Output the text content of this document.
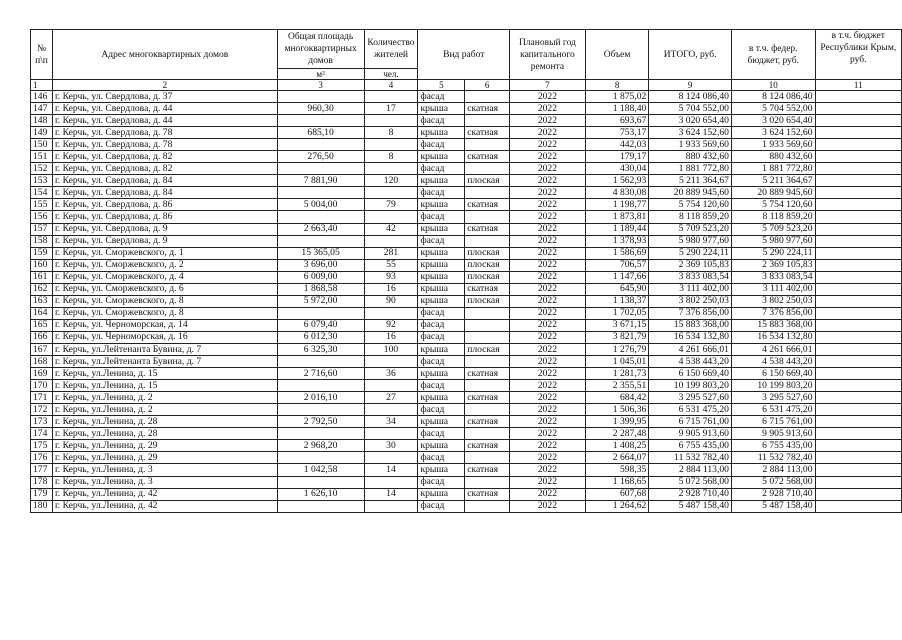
№
п\п	Адрес многоквартирных домов	Общая площадь многоквартирных домов	Количество жителей	Вид работ		Плановый год капитального ремонта	Объем	ИТОГО, руб.	в т.ч. федер. бюджет, руб.	в т.ч. бюджет Республики Крым, руб.
		м²	чел.							
1	2	3	4	5	6	7	8	9	10	11
146	г. Керчь, ул. Свердлова, д. 37			фасад		2022	1 875,02	8 124 086,40	8 124 086,40	
147	г. Керчь, ул. Свердлова, д. 44	960,30	17	крыша	скатная	2022	1 188,40	5 704 552,00	5 704 552,00	
148	г. Керчь, ул. Свердлова, д. 44			фасад		2022	693,67	3 020 654,40	3 020 654,40	
149	г. Керчь, ул. Свердлова, д. 78	685,10	8	крыша	скатная	2022	753,17	3 624 152,60	3 624 152,60	
150	г. Керчь, ул. Свердлова, д. 78			фасад		2022	442,03	1 933 569,60	1 933 569,60	
151	г. Керчь, ул. Свердлова, д. 82	276,50	8	крыша	скатная	2022	179,17	880 432,60	880 432,60	
152	г. Керчь, ул. Свердлова, д. 82			фасад		2022	430,04	1 881 772,80	1 881 772,80	
153	г. Керчь, ул. Свердлова, д. 84	7 881,90	120	крыша	плоская	2022	1 562,93	5 211 364,67	5 211 364,67	
154	г. Керчь, ул. Свердлова, д. 84			фасад		2022	4 830,08	20 889 945,60	20 889 945,60	
155	г. Керчь, ул. Свердлова, д. 86	5 004,00	79	крыша	скатная	2022	1 198,77	5 754 120,60	5 754 120,60	
156	г. Керчь, ул. Свердлова, д. 86			фасад		2022	1 873,81	8 118 859,20	8 118 859,20	
157	г. Керчь, ул. Свердлова, д. 9	2 663,40	42	крыша	скатная	2022	1 189,44	5 709 523,20	5 709 523,20	
158	г. Керчь, ул. Свердлова, д. 9			фасад		2022	1 378,93	5 980 977,60	5 980 977,60	
159	г. Керчь, ул. Сморжевского, д. 1	15 365,05	281	крыша	плоская	2022	1 586,69	5 290 224,11	5 290 224,11	
160	г. Керчь, ул. Сморжевского, д. 2	3 696,00	55	крыша	плоская	2022	706,57	2 369 105,83	2 369 105,83	
161	г. Керчь, ул. Сморжевского, д. 4	6 009,00	93	крыша	плоская	2022	1 147,66	3 833 083,54	3 833 083,54	
162	г. Керчь, ул. Сморжевского, д. 6	1 868,58	16	крыша	скатная	2022	645,90	3 111 402,00	3 111 402,00	
163	г. Керчь, ул. Сморжевского, д. 8	5 972,00	90	крыша	плоская	2022	1 138,37	3 802 250,03	3 802 250,03	
164	г. Керчь, ул. Сморжевского, д. 8			фасад		2022	1 702,05	7 376 856,00	7 376 856,00	
165	г. Керчь, ул. Черноморская, д. 14	6 079,40	92	фасад		2022	3 671,15	15 883 368,00	15 883 368,00	
166	г. Керчь, ул. Черноморская, д. 16	6 012,30	16	фасад		2022	3 821,79	16 534 132,80	16 534 132,80	
167	г. Керчь, ул.Лейтенанта Бувина, д. 7	6 325,30	100	крыша	плоская	2022	1 276,79	4 261 666,01	4 261 666,01	
168	г. Керчь, ул.Лейтенанта Бувина, д. 7			фасад		2022	1 045,01	4 538 443,20	4 538 443,20	
169	г. Керчь, ул.Ленина, д. 15	2 716,60	36	крыша	скатная	2022	1 281,73	6 150 669,40	6 150 669,40	
170	г. Керчь, ул.Ленина, д. 15			фасад		2022	2 355,51	10 199 803,20	10 199 803,20	
171	г. Керчь, ул.Ленина, д. 2	2 016,10	27	крыша	скатная	2022	684,42	3 295 527,60	3 295 527,60	
172	г. Керчь, ул.Ленина, д. 2			фасад		2022	1 506,36	6 531 475,20	6 531 475,20	
173	г. Керчь, ул.Ленина, д. 28	2 792,50	34	крыша	скатная	2022	1 399,95	6 715 761,00	6 715 761,00	
174	г. Керчь, ул.Ленина, д. 28			фасад		2022	2 287,48	9 905 913,60	9 905 913,60	
175	г. Керчь, ул.Ленина, д. 29	2 968,20	30	крыша	скатная	2022	1 408,25	6 755 435,00	6 755 435,00	
176	г. Керчь, ул.Ленина, д. 29			фасад		2022	2 664,07	11 532 782,40	11 532 782,40	
177	г. Керчь, ул.Ленина, д. 3	1 042,58	14	крыша	скатная	2022	598,35	2 884 113,00	2 884 113,00	
178	г. Керчь, ул.Ленина, д. 3			фасад		2022	1 168,65	5 072 568,00	5 072 568,00	
179	г. Керчь, ул.Ленина, д. 42	1 626,10	14	крыша	скатная	2022	607,68	2 928 710,40	2 928 710,40	
180	г. Керчь, ул.Ленина, д. 42			фасад		2022	1 264,62	5 487 158,40	5 487 158,40	
